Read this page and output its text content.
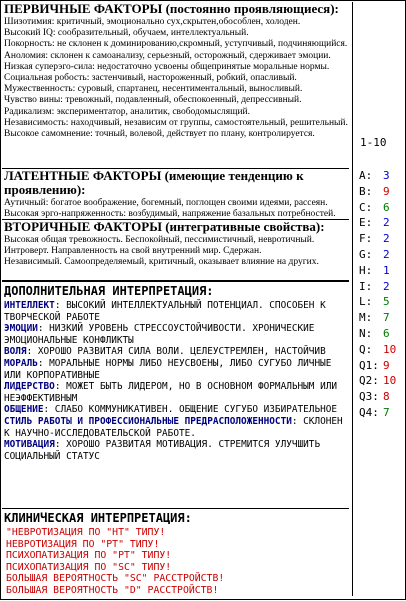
ПЕРВИЧНЫЕ ФАКТОРЫ (постоянно проявляющиеся):
Шизотимия: критичный, эмоционально сух,скрытен,обособлен, холоден.
Высокий IQ: сообразительный, обучаем, интеллектуальный.
Покорность: не склонен к доминированию,скромный, уступчивый, подчиняющийся.
Аноломия: склонен к самоанализу, серьезный, осторожный, сдерживает эмоции.
Низкая суперэго-сила: недостаточно усвоены общепринятые моральные нормы.
Социальная робость: застенчивый, настороженный, робкий, опасливый.
Мужественность: суровый, спартанец, несентиментальный, выносливый.
Чувство вины: тревожный, подавленный, обеспокоенный, депрессивный.
Радикализм: экспериментатор, аналитик, свободомыслящий.
Независимость: находчивый, независим от группы, самостоятельный, решительный.
Высокое самомнение: точный, волевой, действует по плану, контролируется.
ЛАТЕНТНЫЕ ФАКТОРЫ (имеющие тенденцию к проявлению):
Аутичный: богатое воображение, богемный, поглощен своими идеями, рассеян.
Высокая эрго-напряженность: возбудимый, напряжение базальных потребностей.
ВТОРИЧНЫЕ ФАКТОРЫ (интегративные свойства):
Высокая общая тревожность. Беспокойный, пессимистичный, невротичный.
Интроверт. Направленность на свой внутренний мир. Сдержан.
Независимый. Самоопределяемый, критичный, оказывает влияние на других.
ДОПОЛНИТЕЛЬНАЯ ИНТЕРПРЕТАЦИЯ:
ИНТЕЛЛЕКТ: ВЫСОКИЙ ИНТЕЛЛЕКТУАЛЬНЫЙ ПОТЕНЦИАЛ. СПОСОБЕН К ТВОРЧЕСКОЙ РАБОТЕ
ЭМОЦИИ: НИЗКИЙ УРОВЕНЬ СТРЕССОУСТОЙЧИВОСТИ. ХРОНИЧЕСКИЕ ЭМОЦИОНАЛЬНЫЕ КОНФЛИКТЫ
ВОЛЯ: ХОРОШО РАЗВИТАЯ СИЛА ВОЛИ. ЦЕЛЕУСТРЕМЛЕН, НАСТОЙЧИВ
МОРАЛЬ: МОРАЛЬНЫЕ НОРМЫ ЛИБО НЕУСВОЕНЫ, ЛИБО СУГУБО ЛИЧНЫЕ ИЛИ КОРПОРАТИВНЫЕ
ЛИДЕРСТВО: МОЖЕТ БЫТЬ ЛИДЕРОМ, НО В ОСНОВНОМ ФОРМАЛЬНЫМ ИЛИ НЕЭФФЕКТИВНЫМ
ОБЩЕНИЕ: СЛАБО КОММУНИКАТИВЕН. ОБЩЕНИЕ СУГУБО ИЗБИРАТЕЛЬНОЕ
СТИЛЬ РАБОТЫ И ПРОФЕССИОНАЛЬНЫЕ ПРЕДРАСПОЛОЖЕННОСТИ: СКЛОНЕН К НАУЧНО-ИССЛЕДОВАТЕЛЬСКОЙ РАБОТЕ.
МОТИВАЦИЯ: ХОРОШО РАЗВИТАЯ МОТИВАЦИЯ. СТРЕМИТСЯ УЛУЧШИТЬ СОЦИАЛЬНЫЙ СТАТУС
КЛИНИЧЕСКАЯ ИНТЕРПРЕТАЦИЯ:
"НЕВРОТИЗАЦИЯ ПО "НТ" ТИПУ!
НЕВРОТИЗАЦИЯ ПО "РТ" ТИПУ!
ПСИХОПАТИЗАЦИЯ ПО "РТ" ТИПУ!
ПСИХОПАТИЗАЦИЯ ПО "SC" ТИПУ!
БОЛЬШАЯ ВЕРОЯТНОСТЬ "SC" РАССТРОЙСТВ!
БОЛЬШАЯ ВЕРОЯТНОСТЬ "D" РАССТРОЙСТВ!
1-10
A: 3
B: 9
C: 6
E: 2
F: 2
G: 2
H: 1
I: 2
L: 5
M: 7
N: 6
Q: 10
Q1: 9
Q2: 10
Q3: 8
Q4: 7
